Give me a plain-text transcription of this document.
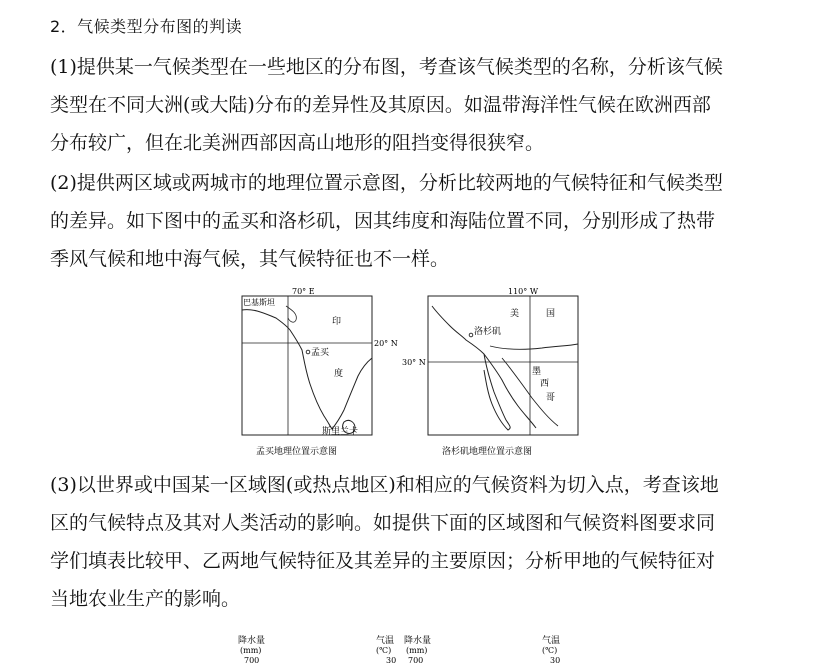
2．气候类型分布图的判读
(1)提供某一气候类型在一些地区的分布图，考查该气候类型的名称，分析该气候
类型在不同大洲(或大陆)分布的差异性及其原因。如温带海洋性气候在欧洲西部
分布较广，但在北美洲西部因高山地形的阻挡变得很狭窄。
(2)提供两区域或两城市的地理位置示意图，分析比较两地的气候特征和气候类型
的差异。如下图中的孟买和洛杉矶，因其纬度和海陆位置不同，分别形成了热带
季风气候和地中海气候，其气候特征也不一样。
70° E
20° N
巴基斯坦
印
度
孟买
斯里兰卡
孟买地理位置示意图
110° W
30° N
美	国
洛杉矶
墨
西
哥
洛杉矶地理位置示意图
(3)以世界或中国某一区域图(或热点地区)和相应的气候资料为切入点，考查该地
区的气候特点及其对人类活动的影响。如提供下面的区域图和气候资料图要求同
学们填表比较甲、乙两地气候特征及其差异的主要原因；分析甲地的气候特征对
当地农业生产的影响。
降水量
(mm)
700
气温
(℃)
30
降水量
(mm)
700
气温
(℃)
30
